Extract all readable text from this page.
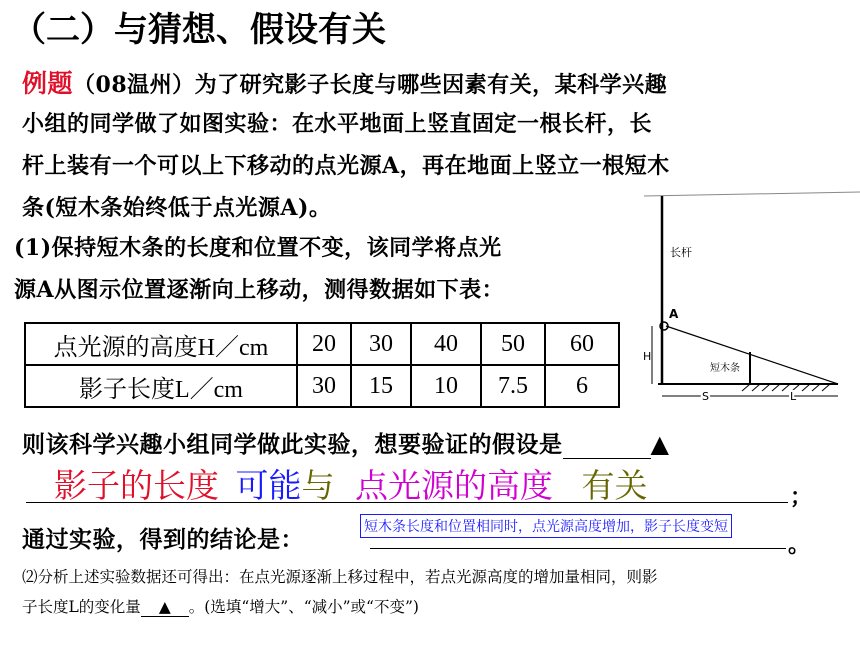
（二）与猜想、假设有关
例题（08温州）为了研究影子长度与哪些因素有关，某科学兴趣
小组的同学做了如图实验：在水平地面上竖直固定一根长杆，长
杆上装有一个可以上下移动的点光源A，再在地面上竖立一根短木
条(短木条始终低于点光源A)。
(1)保持短木条的长度和位置不变，该同学将点光
源A从图示位置逐渐向上移动，测得数据如下表：
点光源的高度H／cm	20	30	40	50	60
影子长度L／cm	30	15	10	7.5	6
则该科学兴趣小组同学做此实验，想要验证的假设是	▲
影子的长度 可能与 点光源的高度 有关	；
通过实验，得到的结论是：	短木条长度和位置相同时，点光源高度增加，影子长度变短
。
⑵分析上述实验数据还可得出：在点光源逐渐上移过程中，若点光源高度的增加量相同，则影
子长度L的变化量 ▲ 。(选填“增大”、“减小”或“不变”)
长杆
A
短木条
H
S	L
